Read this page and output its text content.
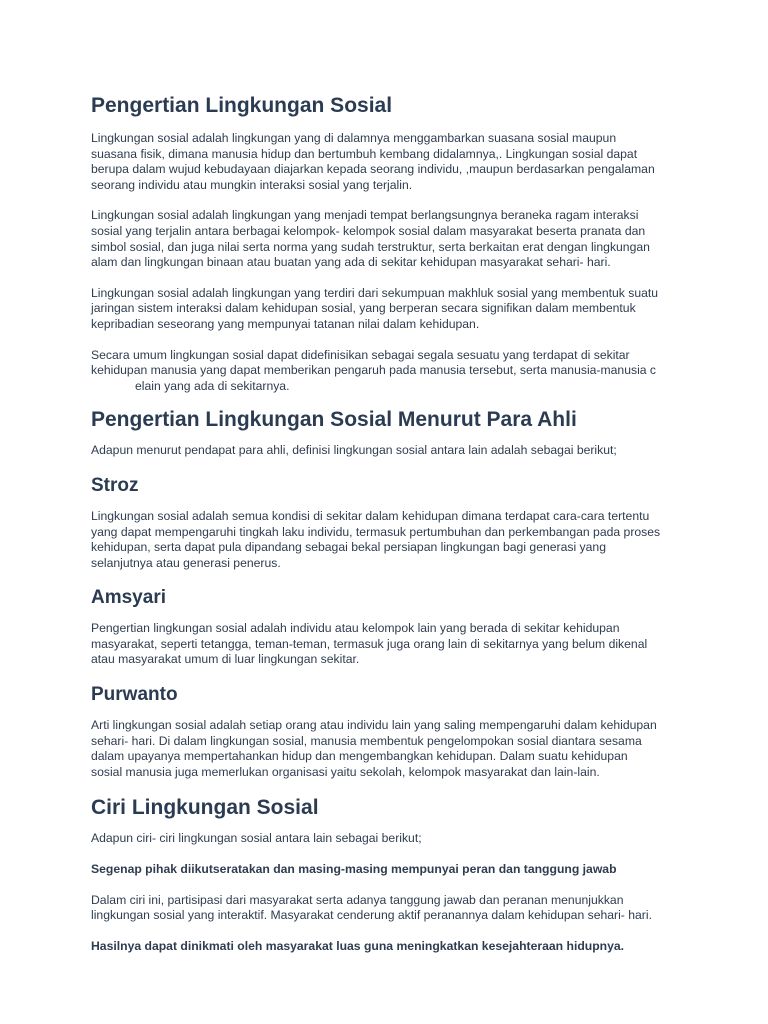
Pengertian Lingkungan Sosial

Lingkungan sosial adalah lingkungan yang di dalamnya menggambarkan suasana sosial maupun
suasana fisik, dimana manusia hidup dan bertumbuh kembang didalamnya,. Lingkungan sosial dapat
berupa dalam wujud kebudayaan diajarkan kepada seorang individu, ,maupun berdasarkan pengalaman
seorang individu atau mungkin interaksi sosial yang terjalin.

Lingkungan sosial adalah lingkungan yang menjadi tempat berlangsungnya beraneka ragam interaksi
sosial yang terjalin antara berbagai kelompok- kelompok sosial dalam masyarakat beserta pranata dan
simbol sosial, dan juga nilai serta norma yang sudah terstruktur, serta berkaitan erat dengan lingkungan
alam dan lingkungan binaan atau buatan yang ada di sekitar kehidupan masyarakat sehari- hari.

Lingkungan sosial adalah lingkungan yang terdiri dari sekumpuan makhluk sosial yang membentuk suatu
jaringan sistem interaksi dalam kehidupan sosial, yang berperan secara signifikan dalam membentuk
kepribadian seseorang yang mempunyai tatanan nilai dalam kehidupan.

Secara umum lingkungan sosial dapat didefinisikan sebagai segala sesuatu yang terdapat di sekitar
kehidupan manusia yang dapat memberikan pengaruh pada manusia tersebut, serta manusia-manusia c
elain yang ada di sekitarnya.

Pengertian Lingkungan Sosial Menurut Para Ahli

Adapun menurut pendapat para ahli, definisi lingkungan sosial antara lain adalah sebagai berikut;

Stroz

Lingkungan sosial adalah semua kondisi di sekitar dalam kehidupan dimana terdapat cara-cara tertentu
yang dapat mempengaruhi tingkah laku individu, termasuk pertumbuhan dan perkembangan pada proses
kehidupan, serta dapat pula dipandang sebagai bekal persiapan lingkungan bagi generasi yang
selanjutnya atau generasi penerus.

Amsyari

Pengertian lingkungan sosial adalah individu atau kelompok lain yang berada di sekitar kehidupan
masyarakat, seperti tetangga, teman-teman, termasuk juga orang lain di sekitarnya yang belum dikenal
atau masyarakat umum di luar lingkungan sekitar.

Purwanto

Arti lingkungan sosial adalah setiap orang atau individu lain yang saling mempengaruhi dalam kehidupan
sehari- hari. Di dalam lingkungan sosial, manusia membentuk pengelompokan sosial diantara sesama
dalam upayanya mempertahankan hidup dan mengembangkan kehidupan. Dalam suatu kehidupan
sosial manusia juga memerlukan organisasi yaitu sekolah, kelompok masyarakat dan lain-lain.

Ciri Lingkungan Sosial

Adapun ciri- ciri lingkungan sosial antara lain sebagai berikut;

Segenap pihak diikutseratakan dan masing-masing mempunyai peran dan tanggung jawab

Dalam ciri ini, partisipasi dari masyarakat serta adanya tanggung jawab dan peranan menunjukkan
lingkungan sosial yang interaktif. Masyarakat cenderung aktif peranannya dalam kehidupan sehari- hari.

Hasilnya dapat dinikmati oleh masyarakat luas guna meningkatkan kesejahteraan hidupnya.
